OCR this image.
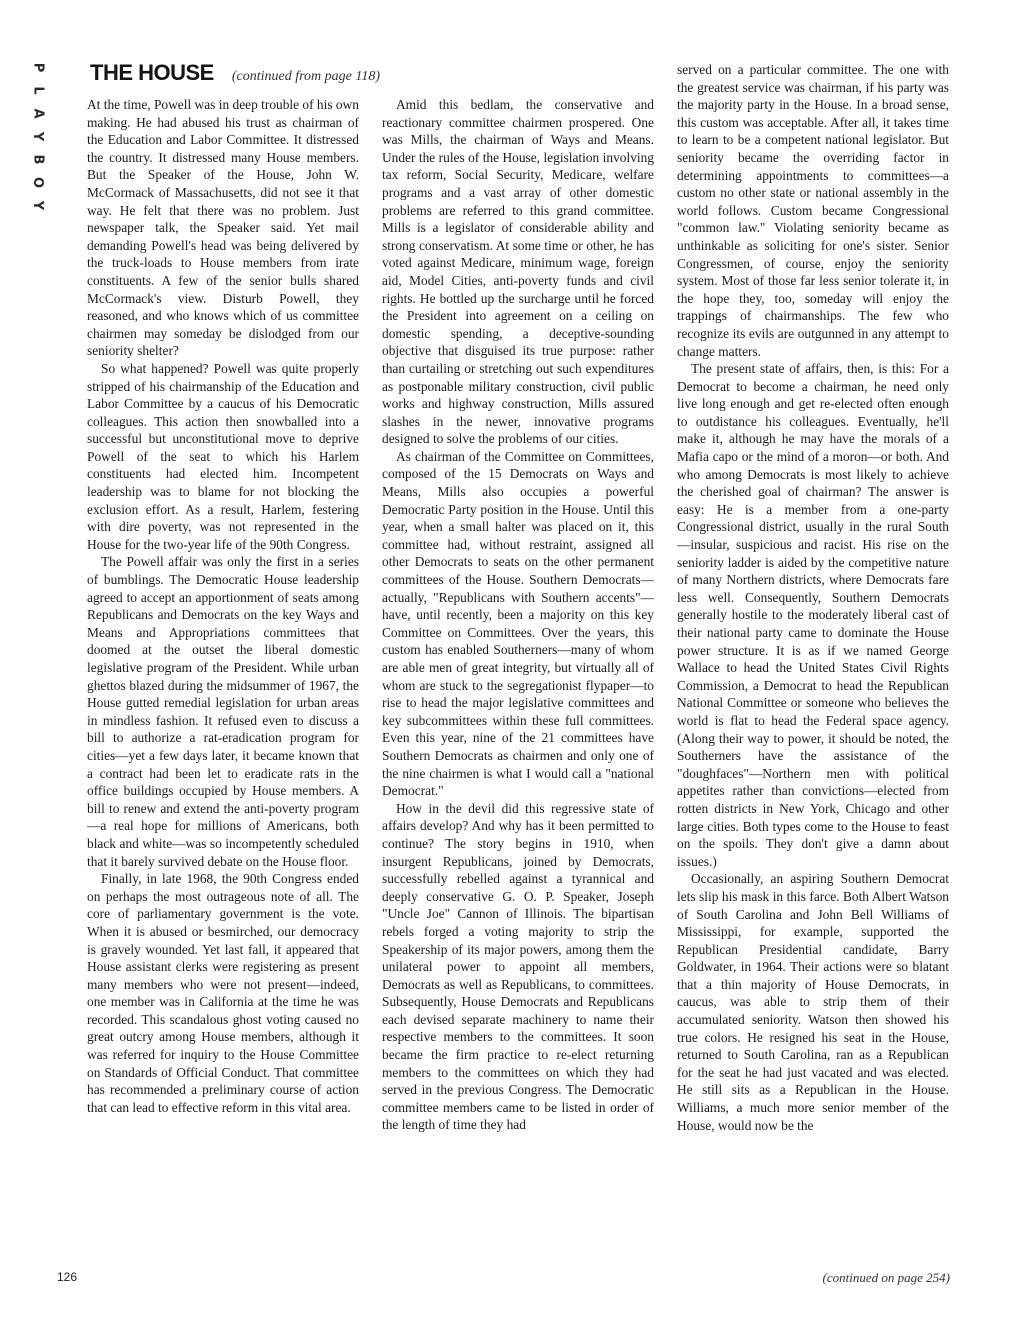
P
L
A
Y
B
O
Y
THE HOUSE (continued from page 118)

At the time, Powell was in deep trouble of his own making. He had abused his trust as chairman of the Education and Labor Committee. It distressed the country. It distressed many House members. But the Speaker of the House, John W. McCormack of Massachusetts, did not see it that way. He felt that there was no problem. Just newspaper talk, the Speaker said. Yet mail demanding Powell's head was being delivered by the truck-loads to House members from irate constituents. A few of the senior bulls shared McCormack's view. Disturb Powell, they reasoned, and who knows which of us committee chairmen may someday be dislodged from our seniority shelter?

So what happened? Powell was quite properly stripped of his chairmanship of the Education and Labor Committee by a caucus of his Democratic colleagues. This action then snowballed into a successful but unconstitutional move to deprive Powell of the seat to which his Harlem constituents had elected him. Incompetent leadership was to blame for not blocking the exclusion effort. As a result, Harlem, festering with dire poverty, was not represented in the House for the two-year life of the 90th Congress.

The Powell affair was only the first in a series of bumblings. The Democratic House leadership agreed to accept an apportionment of seats among Republicans and Democrats on the key Ways and Means and Appropriations committees that doomed at the outset the liberal domestic legislative program of the President. While urban ghettos blazed during the midsummer of 1967, the House gutted remedial legislation for urban areas in mindless fashion. It refused even to discuss a bill to authorize a rat-eradication program for cities—yet a few days later, it became known that a contract had been let to eradicate rats in the office buildings occupied by House members. A bill to renew and extend the anti-poverty program—a real hope for millions of Americans, both black and white—was so incompetently scheduled that it barely survived debate on the House floor.

Finally, in late 1968, the 90th Congress ended on perhaps the most outrageous note of all. The core of parliamentary government is the vote. When it is abused or besmirched, our democracy is gravely wounded. Yet last fall, it appeared that House assistant clerks were registering as present many members who were not present—indeed, one member was in California at the time he was recorded. This scandalous ghost voting caused no great outcry among House members, although it was referred for inquiry to the House Committee on Standards of Official Conduct. That committee has recommended a preliminary course of action that can lead to effective reform in this vital area.

Amid this bedlam, the conservative and reactionary committee chairmen prospered. One was Mills, the chairman of Ways and Means. Under the rules of the House, legislation involving tax reform, Social Security, Medicare, welfare programs and a vast array of other domestic problems are referred to this grand committee. Mills is a legislator of considerable ability and strong conservatism. At some time or other, he has voted against Medicare, minimum wage, foreign aid, Model Cities, anti-poverty funds and civil rights. He bottled up the surcharge until he forced the President into agreement on a ceiling on domestic spending, a deceptive-sounding objective that disguised its true purpose: rather than curtailing or stretching out such expenditures as postponable military construction, civil public works and highway construction, Mills assured slashes in the newer, innovative programs designed to solve the problems of our cities.

As chairman of the Committee on Committees, composed of the 15 Democrats on Ways and Means, Mills also occupies a powerful Democratic Party position in the House. Until this year, when a small halter was placed on it, this committee had, without restraint, assigned all other Democrats to seats on the other permanent committees of the House. Southern Democrats—actually, "Republicans with Southern accents"—have, until recently, been a majority on this key Committee on Committees. Over the years, this custom has enabled Southerners—many of whom are able men of great integrity, but virtually all of whom are stuck to the segregationist flypaper—to rise to head the major legislative committees and key subcommittees within these full committees. Even this year, nine of the 21 committees have Southern Democrats as chairmen and only one of the nine chairmen is what I would call a "national Democrat."

How in the devil did this regressive state of affairs develop? And why has it been permitted to continue? The story begins in 1910, when insurgent Republicans, joined by Democrats, successfully rebelled against a tyrannical and deeply conservative G. O. P. Speaker, Joseph "Uncle Joe" Cannon of Illinois. The bipartisan rebels forged a voting majority to strip the Speakership of its major powers, among them the unilateral power to appoint all members, Democrats as well as Republicans, to committees. Subsequently, House Democrats and Republicans each devised separate machinery to name their respective members to the committees. It soon became the firm practice to re-elect returning members to the committees on which they had served in the previous Congress. The Democratic committee members came to be listed in order of the length of time they had

served on a particular committee. The one with the greatest service was chairman, if his party was the majority party in the House. In a broad sense, this custom was acceptable. After all, it takes time to learn to be a competent national legislator. But seniority became the overriding factor in determining appointments to committees—a custom no other state or national assembly in the world follows. Custom became Congressional "common law." Violating seniority became as unthinkable as soliciting for one's sister. Senior Congressmen, of course, enjoy the seniority system. Most of those far less senior tolerate it, in the hope they, too, someday will enjoy the trappings of chairmanships. The few who recognize its evils are outgunned in any attempt to change matters.

The present state of affairs, then, is this: For a Democrat to become a chairman, he need only live long enough and get re-elected often enough to outdistance his colleagues. Eventually, he'll make it, although he may have the morals of a Mafia capo or the mind of a moron—or both. And who among Democrats is most likely to achieve the cherished goal of chairman? The answer is easy: He is a member from a one-party Congressional district, usually in the rural South—insular, suspicious and racist. His rise on the seniority ladder is aided by the competitive nature of many Northern districts, where Democrats fare less well. Consequently, Southern Democrats generally hostile to the moderately liberal cast of their national party came to dominate the House power structure. It is as if we named George Wallace to head the United States Civil Rights Commission, a Democrat to head the Republican National Committee or someone who believes the world is flat to head the Federal space agency. (Along their way to power, it should be noted, the Southerners have the assistance of the "doughfaces"—Northern men with political appetites rather than convictions—elected from rotten districts in New York, Chicago and other large cities. Both types come to the House to feast on the spoils. They don't give a damn about issues.)

Occasionally, an aspiring Southern Democrat lets slip his mask in this farce. Both Albert Watson of South Carolina and John Bell Williams of Mississippi, for example, supported the Republican Presidential candidate, Barry Goldwater, in 1964. Their actions were so blatant that a thin majority of House Democrats, in caucus, was able to strip them of their accumulated seniority. Watson then showed his true colors. He resigned his seat in the House, returned to South Carolina, ran as a Republican for the seat he had just vacated and was elected. He still sits as a Republican in the House. Williams, a much more senior member of the House, would now be the

126	(continued on page 254)
